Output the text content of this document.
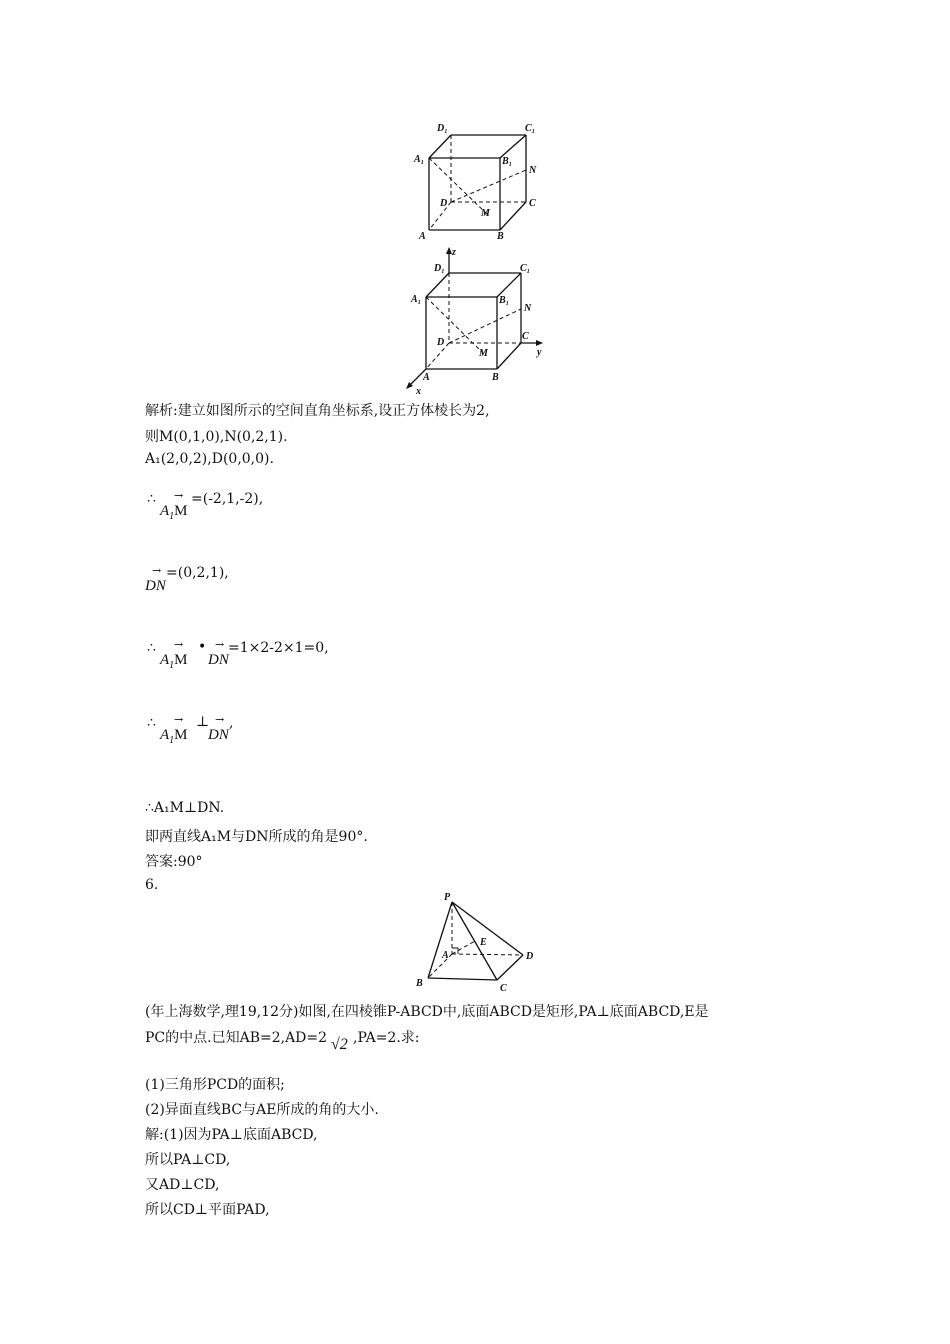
D₁	C₁
A₁	B₁
N
D
M
C
A	B
z
D₁	C₁
A₁	B₁
N
D
M
C
y
A	B
x
解析:建立如图所示的空间直角坐标系,设正方体棱长为2,
则M(0,1,0),N(0,2,1).
A₁(2,0,2),D(0,0,0).
∴ →
$A_1M$
=(-2,1,-2),
→
DN
=(0,2,1),
∴ →
$A_1M$
• →
DN
=1×2-2×1=0,
∴ →
$A_1M$
⊥ →
DN
,
∴A₁M⊥DN.
即两直线A₁M与DN所成的角是90°.
答案:90°
6.
P
E
A	D
B	C
(年上海数学,理19,12分)如图,在四棱锥P-ABCD中,底面ABCD是矩形,PA⊥底面ABCD,E是
PC的中点.已知AB=2,AD=2 √2 ,PA=2.求:
(1)三角形PCD的面积;
(2)异面直线BC与AE所成的角的大小.
解:(1)因为PA⊥底面ABCD,
所以PA⊥CD,
又AD⊥CD,
所以CD⊥平面PAD,
